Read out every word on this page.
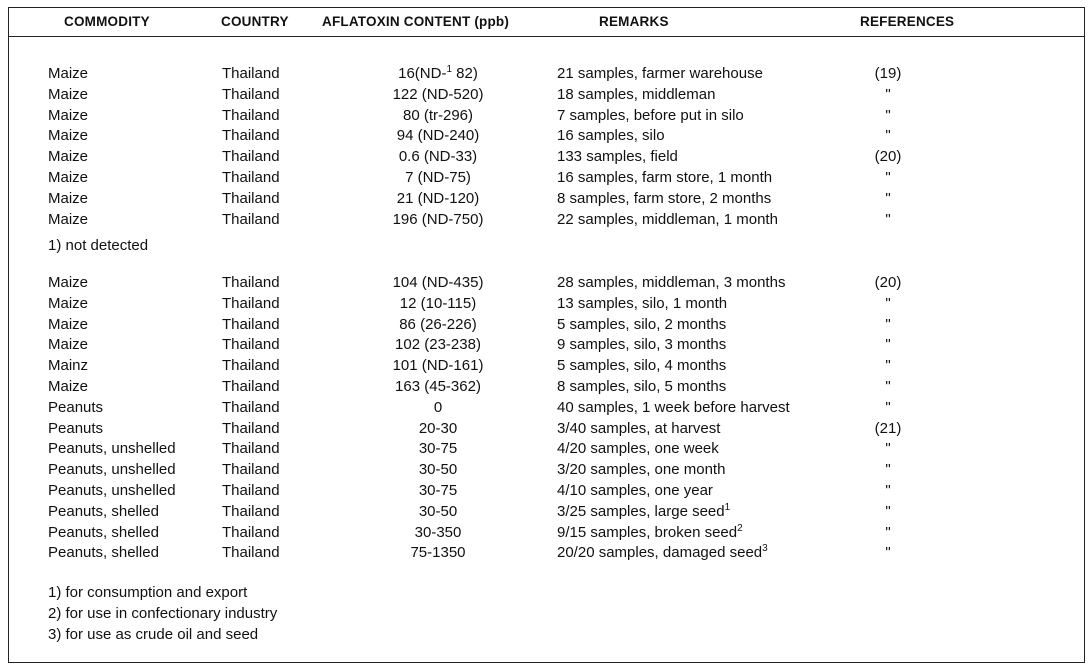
COMMODITY	COUNTRY AFLATOXIN CONTENT (ppb)	REMARKS	REFERENCES
Maize	Thailand	16(ND-$^1$ 82)	21 samples, farmer warehouse	(19)
Maize	Thailand	122 (ND-520)	18 samples, middleman	"
Maize	Thailand	80 (tr-296)	7 samples, before put in silo	"
Maize	Thailand	94 (ND-240)	16 samples, silo	"
Maize	Thailand	0.6 (ND-33)	133 samples, field	(20)
Maize	Thailand	7 (ND-75)	16 samples, farm store, 1 month	"
Maize	Thailand	21 (ND-120)	8 samples, farm store, 2 months	"
Maize	Thailand	196 (ND-750)	22 samples, middleman, 1 month	"
1) not detected
Maize	Thailand	104 (ND-435)	28 samples, middleman, 3 months	(20)
Maize	Thailand	12 (10-115)	13 samples, silo, 1 month	"
Maize	Thailand	86 (26-226)	5 samples, silo, 2 months	"
Maize	Thailand	102 (23-238)	9 samples, silo, 3 months	"
Mainz	Thailand	101 (ND-161)	5 samples, silo, 4 months	"
Maize	Thailand	163 (45-362)	8 samples, silo, 5 months	"
Peanuts	Thailand	0	40 samples, 1 week before harvest	"
Peanuts	Thailand	20-30	3/40 samples, at harvest	(21)
Peanuts, unshelled	Thailand	30-75	4/20 samples, one week	"
Peanuts, unshelled	Thailand	30-50	3/20 samples, one month	"
Peanuts, unshelled	Thailand	30-75	4/10 samples, one year	"
Peanuts, shelled	Thailand	30-50	3/25 samples, large seed$^1$	"
Peanuts, shelled	Thailand	30-350	9/15 samples, broken seed$^2$	"
Peanuts, shelled	Thailand	75-1350	20/20 samples, damaged seed$^3$	"
1) for consumption and export
2) for use in confectionary industry
3) for use as crude oil and seed
